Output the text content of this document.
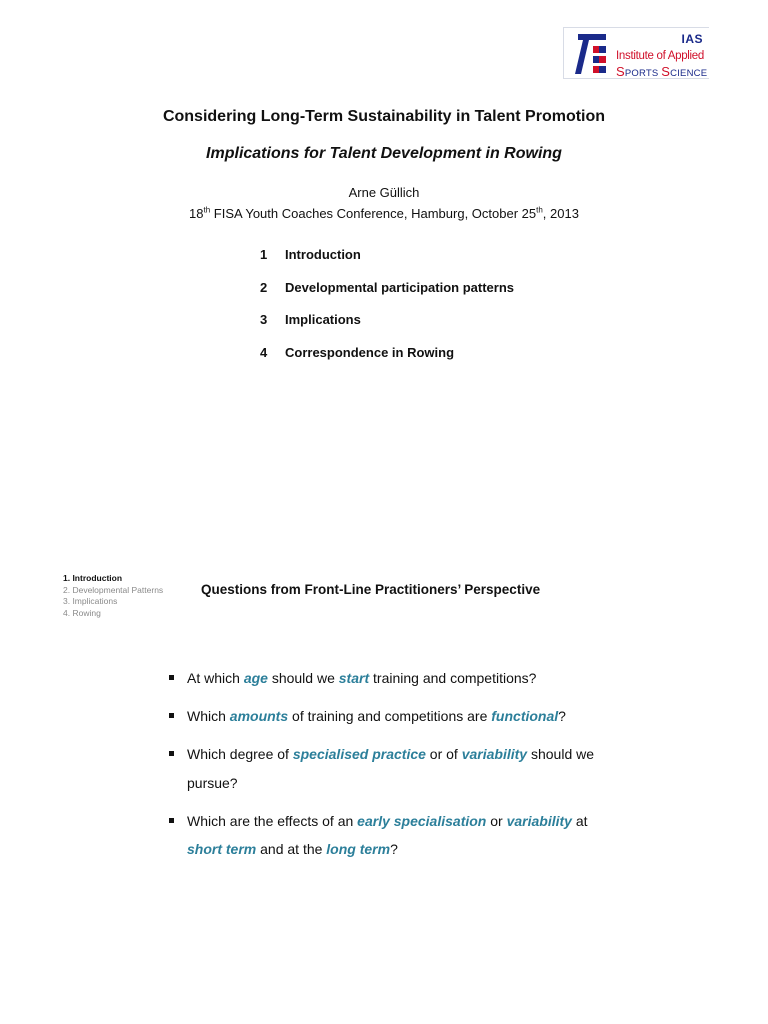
IAS
Institute of Applied
SPORTS SCIENCE
Considering Long-Term Sustainability in Talent Promotion
Implications for Talent Development in Rowing
Arne Güllich
18th FISA Youth Coaches Conference, Hamburg, October 25th, 2013
1 Introduction
2 Developmental participation patterns
3 Implications
4 Correspondence in Rowing
1. Introduction
2. Developmental Patterns
3. Implications
4. Rowing
Questions from Front-Line Practitioners’ Perspective
At which age should we start training and competitions?
Which amounts of training and competitions are functional?
Which degree of specialised practice or of variability should we pursue?
Which are the effects of an early specialisation or variability at short term and at the long term?
